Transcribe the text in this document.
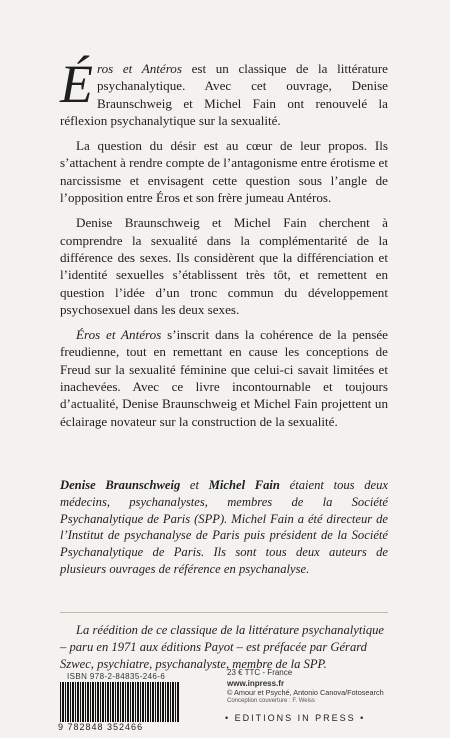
Éros et Antéros est un classique de la littérature psychanalytique. Avec cet ouvrage, Denise Braunschweig et Michel Fain ont renouvelé la réflexion psychanalytique sur la sexualité.

La question du désir est au cœur de leur propos. Ils s’attachent à rendre compte de l’antagonisme entre érotisme et narcissisme et envisagent cette question sous l’angle de l’opposition entre Éros et son frère jumeau Antéros.

Denise Braunschweig et Michel Fain cherchent à comprendre la sexualité dans la complémentarité de la différence des sexes. Ils considèrent que la différenciation et l’identité sexuelles s’établissent très tôt, et remettent en question l’idée d’un tronc commun du développement psychosexuel dans les deux sexes.

Éros et Antéros s’inscrit dans la cohérence de la pensée freudienne, tout en remettant en cause les conceptions de Freud sur la sexualité féminine que celui-ci savait limitées et inachevées. Avec ce livre incontournable et toujours d’actualité, Denise Braunschweig et Michel Fain projettent un éclairage novateur sur la construction de la sexualité.

Denise Braunschweig et Michel Fain étaient tous deux médecins, psychanalystes, membres de la Société Psychanalytique de Paris (SPP). Michel Fain a été directeur de l’Institut de psychanalyse de Paris puis président de la Société Psychanalytique de Paris. Ils sont tous deux auteurs de plusieurs ouvrages de référence en psychanalyse.

La réédition de ce classique de la littérature psychanalytique – paru en 1971 aux éditions Payot – est préfacée par Gérard Szwec, psychiatre, psychanalyste, membre de la SPP.

ISBN 978-2-84835-246-6
9 782848 352466
23 € TTC - France
www.inpress.fr
© Amour et Psyché, Antonio Canova/Fotosearch
Conception couverture : F. Weiss
• EDITIONS IN PRESS •
